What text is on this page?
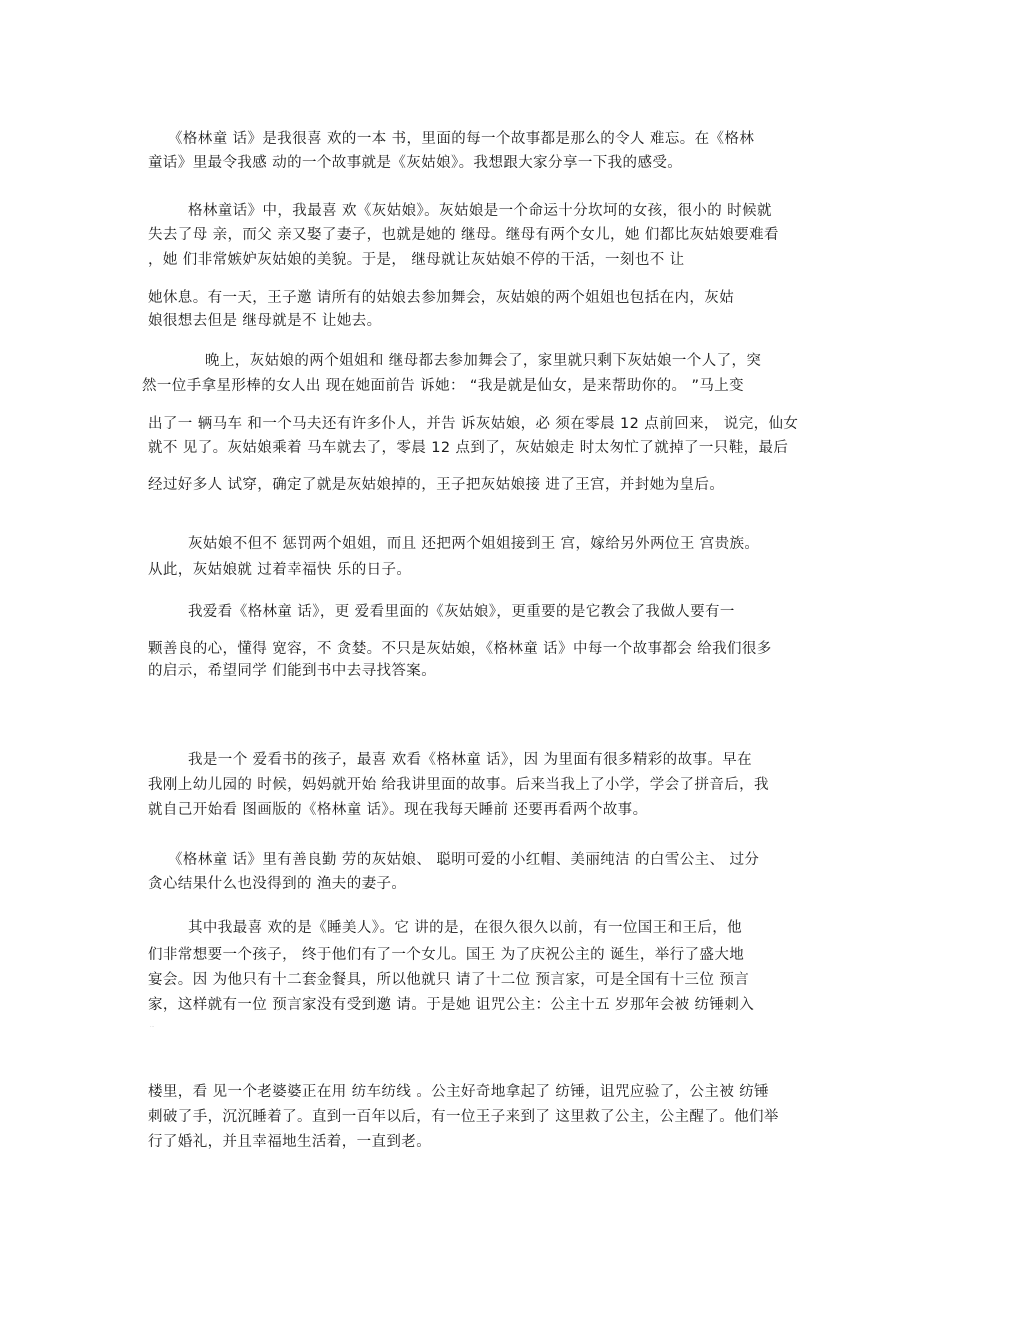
《格林童 话》是我很喜 欢的一本 书，里面的每一个故事都是那么的令人 难忘。在《格林
童话》里最令我感 动的一个故事就是《灰姑娘》。我想跟大家分享一下我的感受。
格林童话》中，我最喜 欢《灰姑娘》。灰姑娘是一个命运十分坎坷的女孩，很小的 时候就
失去了母 亲，而父 亲又娶了妻子，也就是她的 继母。继母有两个女儿，她 们都比灰姑娘要难看
，她 们非常嫉妒灰姑娘的美貌。于是， 继母就让灰姑娘不停的干活，一刻也不 让
她休息。有一天，王子邀 请所有的姑娘去参加舞会，灰姑娘的两个姐姐也包括在内，灰姑
娘很想去但是 继母就是不 让她去。
晚上，灰姑娘的两个姐姐和 继母都去参加舞会了，家里就只剩下灰姑娘一个人了，突
然一位手拿星形棒的女人出 现在她面前告 诉她： “我是就是仙女，是来帮助你的。 ”马上变
出了一 辆马车 和一个马夫还有许多仆人，并告 诉灰姑娘，必 须在零晨 12 点前回来， 说完，仙女
就不 见了。灰姑娘乘着 马车就去了，零晨 12 点到了，灰姑娘走 时太匆忙了就掉了一只鞋，最后
经过好多人 试穿，确定了就是灰姑娘掉的，王子把灰姑娘接 进了王宫，并封她为皇后。
灰姑娘不但不 惩罚两个姐姐，而且 还把两个姐姐接到王 宫，嫁给另外两位王 宫贵族。
从此，灰姑娘就 过着幸福快 乐的日子。
我爱看《格林童 话》，更 爱看里面的《灰姑娘》，更重要的是它教会了我做人要有一
颗善良的心，懂得 宽容，不 贪婪。不只是灰姑娘，《格林童 话》中每一个故事都会 给我们很多
的启示，希望同学 们能到书中去寻找答案。
我是一个 爱看书的孩子，最喜 欢看《格林童 话》，因 为里面有很多精彩的故事。早在
我刚上幼儿园的 时候，妈妈就开始 给我讲里面的故事。后来当我上了小学，学会了拼音后，我
就自己开始看 图画版的《格林童 话》。现在我每天睡前 还要再看两个故事。
《格林童 话》里有善良勤 劳的灰姑娘、 聪明可爱的小红帽、美丽纯洁 的白雪公主、 过分
贪心结果什么也没得到的 渔夫的妻子。
其中我最喜 欢的是《睡美人》。它 讲的是，在很久很久以前，有一位国王和王后，他
们非常想要一个孩子， 终于他们有了一个女儿。国王 为了庆祝公主的 诞生，举行了盛大地
宴会。因 为他只有十二套金餐具，所以他就只 请了十二位 预言家，可是全国有十三位 预言
家，这样就有一位 预言家没有受到邀 请。于是她 诅咒公主：公主十五 岁那年会被 纺锤刺入
楼里，看 见一个老婆婆正在用 纺车纺线 。公主好奇地拿起了 纺锤，诅咒应验了，公主被 纺锤
刺破了手，沉沉睡着了。直到一百年以后，有一位王子来到了 这里救了公主，公主醒了。他们举
行了婚礼，并且幸福地生活着，一直到老。
...
